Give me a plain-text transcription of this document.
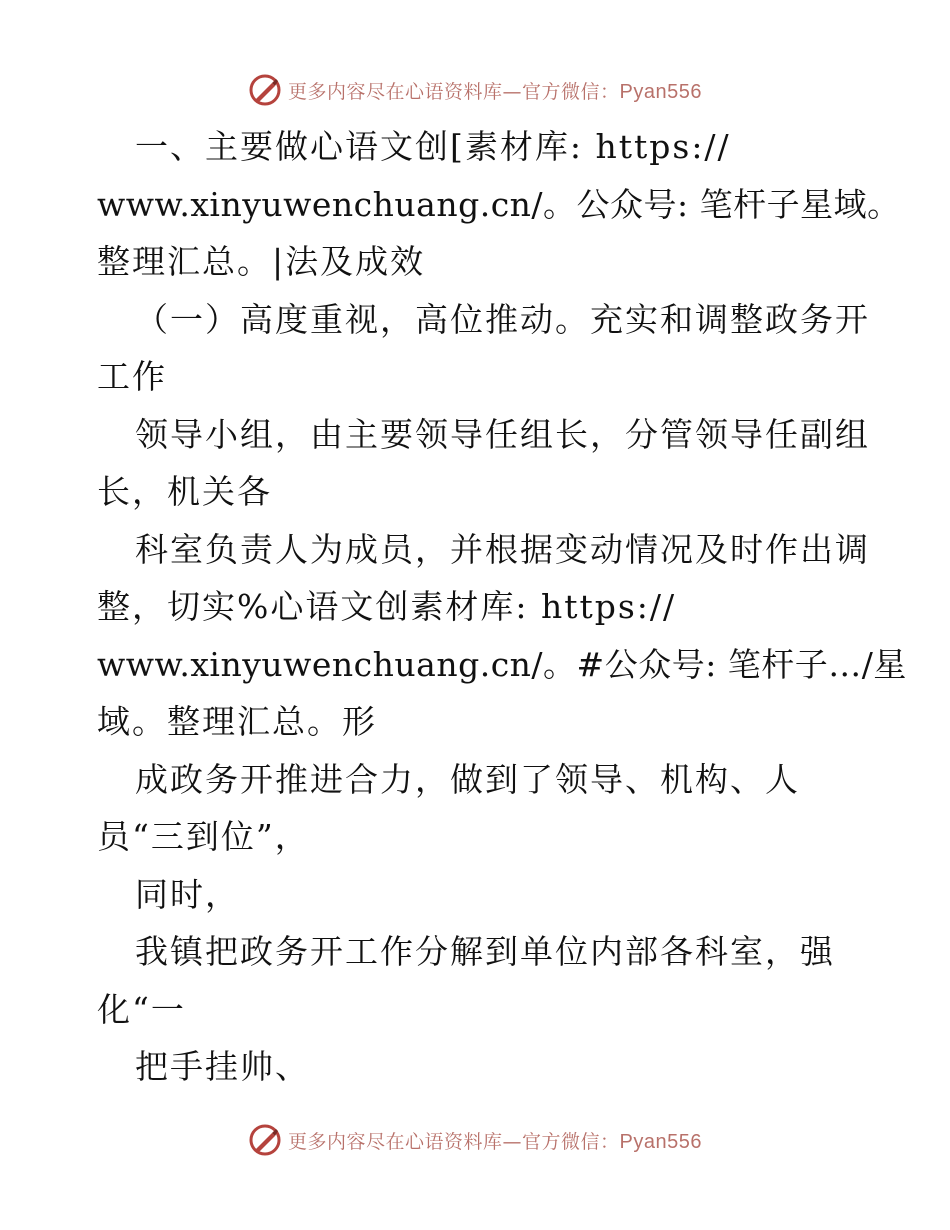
更多内容尽在心语资料库—官方微信：Pyan556
一、主要做心语文创[素材库: https://
www.xinyuwenchuang.cn/。公众号: 笔杆子星域。
整理汇总。|法及成效
（一）高度重视，高位推动。充实和调整政务开
工作
领导小组，由主要领导任组长，分管领导任副组
长，机关各
科室负责人为成员，并根据变动情况及时作出调
整，切实%心语文创素材库: https://
www.xinyuwenchuang.cn/。#公众号: 笔杆子…/星
域。整理汇总。形
成政务开推进合力，做到了领导、机构、人
员“三到位”，
同时，
我镇把政务开工作分解到单位内部各科室，强
化“一
把手挂帅、
更多内容尽在心语资料库—官方微信：Pyan556
